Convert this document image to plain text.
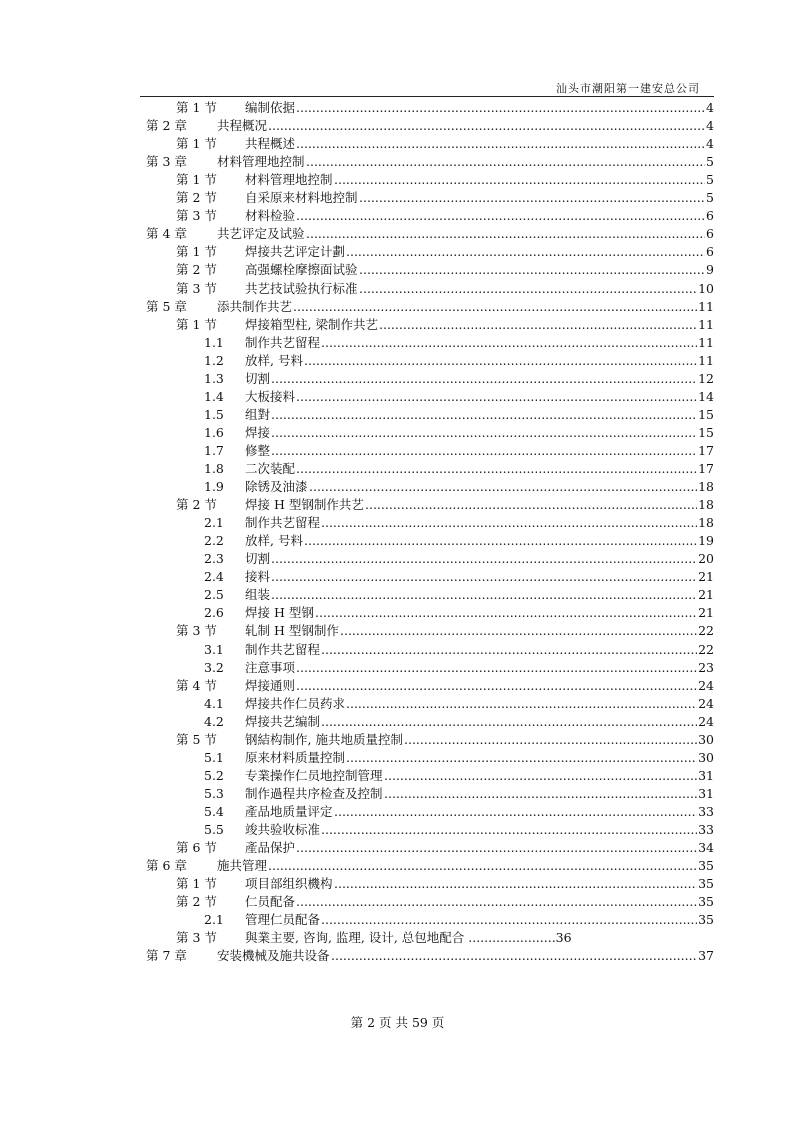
汕头市潮阳第一建安总公司
第 1 节 编制依据 .....	4
第 2 章 共程概况 .....	4
第 1 节 共程概述 .....	4
第 3 章 材料管理地控制 .....	5
第 1 节 材料管理地控制 .....	5
第 2 节 自采原来材料地控制 .....	5
第 3 节 材料检验 .....	6
第 4 章 共艺评定及试验 .....	6
第 1 节 焊接共艺评定计劃 .....	6
第 2 节 高强螺栓摩擦面试验 .....	9
第 3 节 共艺技试验执行标准 .....	10
第 5 章 添共制作共艺 .....	11
第 1 节 焊接箱型柱, 梁制作共艺 .....	11
1.1 制作共艺留程 .....	11
1.2 放样, 号料 .....	11
1.3 切割 .....	12
1.4 大板接料 .....	14
1.5 组對 .....	15
1.6 焊接 .....	15
1.7 修整 .....	17
1.8 二次装配 .....	17
1.9 除锈及油漆 .....	18
第 2 节 焊接 H 型钢制作共艺 .....	18
2.1 制作共艺留程 .....	18
2.2 放样, 号料 .....	19
2.3 切割 .....	20
2.4 接料 .....	21
2.5 组装 .....	21
2.6 焊接 H 型钢 .....	21
第 3 节 轧制 H 型钢制作 .....	22
3.1 制作共艺留程 .....	22
3.2 注意事项 .....	23
第 4 节 焊接通则 .....	24
4.1 焊接共作仁员药求 .....	24
4.2 焊接共艺编制 .....	24
第 5 节 钢結构制作, 施共地质量控制 .....	30
5.1 原来材料质量控制 .....	30
5.2 专業操作仁员地控制管理 .....	31
5.3 制作過程共序检查及控制 .....	31
5.4 產品地质量评定 .....	33
5.5 竣共验收标准 .....	33
第 6 节 產品保护 .....	34
第 6 章 施共管理 .....	35
第 1 节 项目部组织機构 .....	35
第 2 节 仁员配备 .....	35
2.1 管理仁员配备 .....	35
第 3 节 與業主要, 咨询, 监理, 设计, 总包地配合 ......................36
第 7 章 安装機械及施共设备 .....	37
第 2 页 共 59 页
